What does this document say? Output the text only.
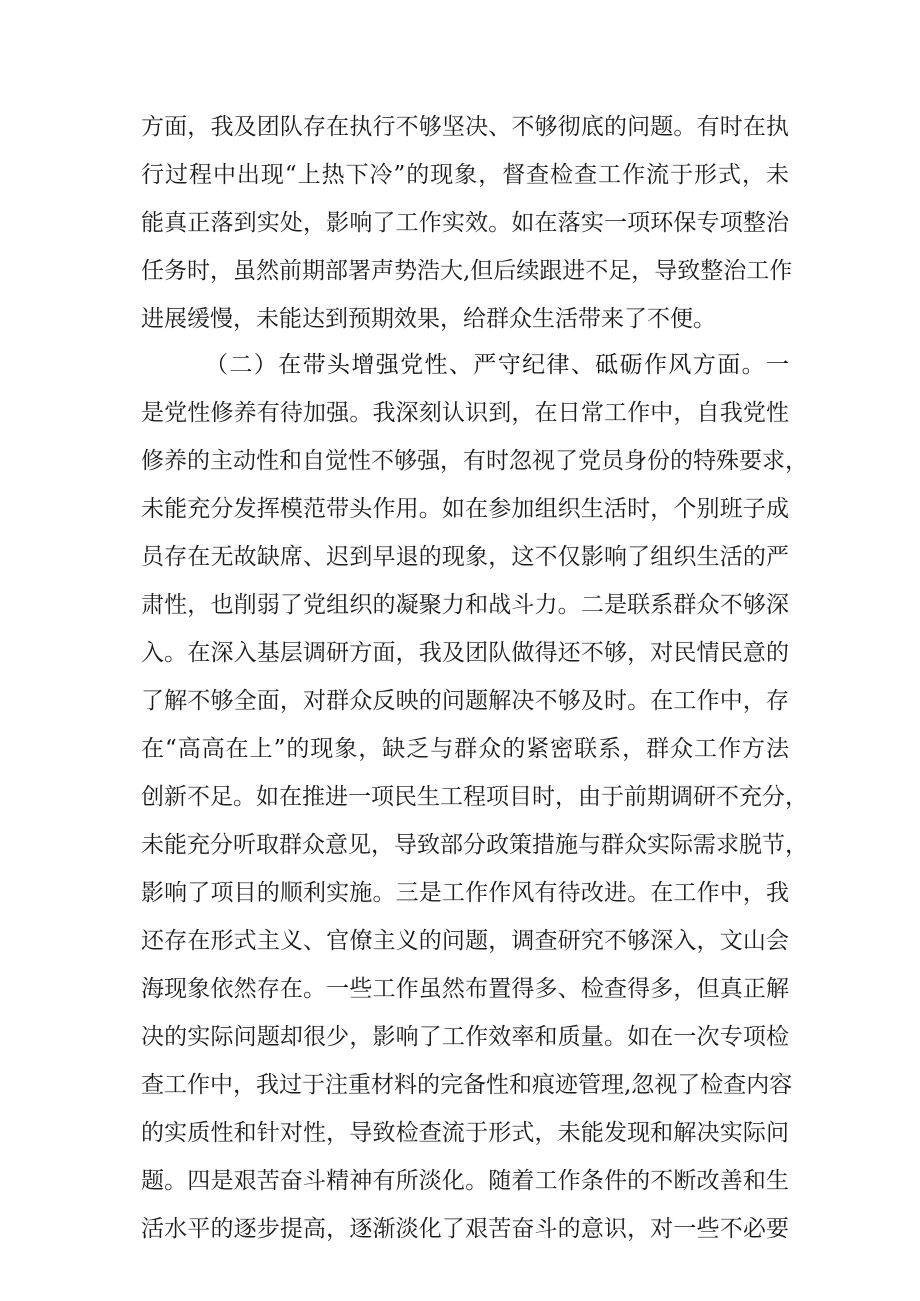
方面，我及团队存在执行不够坚决、不够彻底的问题。有时在执
行过程中出现“上热下冷”的现象，督查检查工作流于形式，未
能真正落到实处，影响了工作实效。如在落实一项环保专项整治
任务时，虽然前期部署声势浩大,但后续跟进不足，导致整治工作
进展缓慢，未能达到预期效果，给群众生活带来了不便。
（二）在带头增强党性、严守纪律、砥砺作风方面。一
是党性修养有待加强。我深刻认识到，在日常工作中，自我党性
修养的主动性和自觉性不够强，有时忽视了党员身份的特殊要求，
未能充分发挥模范带头作用。如在参加组织生活时，个别班子成
员存在无故缺席、迟到早退的现象，这不仅影响了组织生活的严
肃性，也削弱了党组织的凝聚力和战斗力。二是联系群众不够深
入。在深入基层调研方面，我及团队做得还不够，对民情民意的
了解不够全面，对群众反映的问题解决不够及时。在工作中，存
在“高高在上”的现象，缺乏与群众的紧密联系，群众工作方法
创新不足。如在推进一项民生工程项目时，由于前期调研不充分，
未能充分听取群众意见，导致部分政策措施与群众实际需求脱节，
影响了项目的顺利实施。三是工作作风有待改进。在工作中，我
还存在形式主义、官僚主义的问题，调查研究不够深入，文山会
海现象依然存在。一些工作虽然布置得多、检查得多，但真正解
决的实际问题却很少，影响了工作效率和质量。如在一次专项检
查工作中，我过于注重材料的完备性和痕迹管理,忽视了检查内容
的实质性和针对性，导致检查流于形式，未能发现和解决实际问
题。四是艰苦奋斗精神有所淡化。随着工作条件的不断改善和生
活水平的逐步提高，逐渐淡化了艰苦奋斗的意识，对一些不必要
